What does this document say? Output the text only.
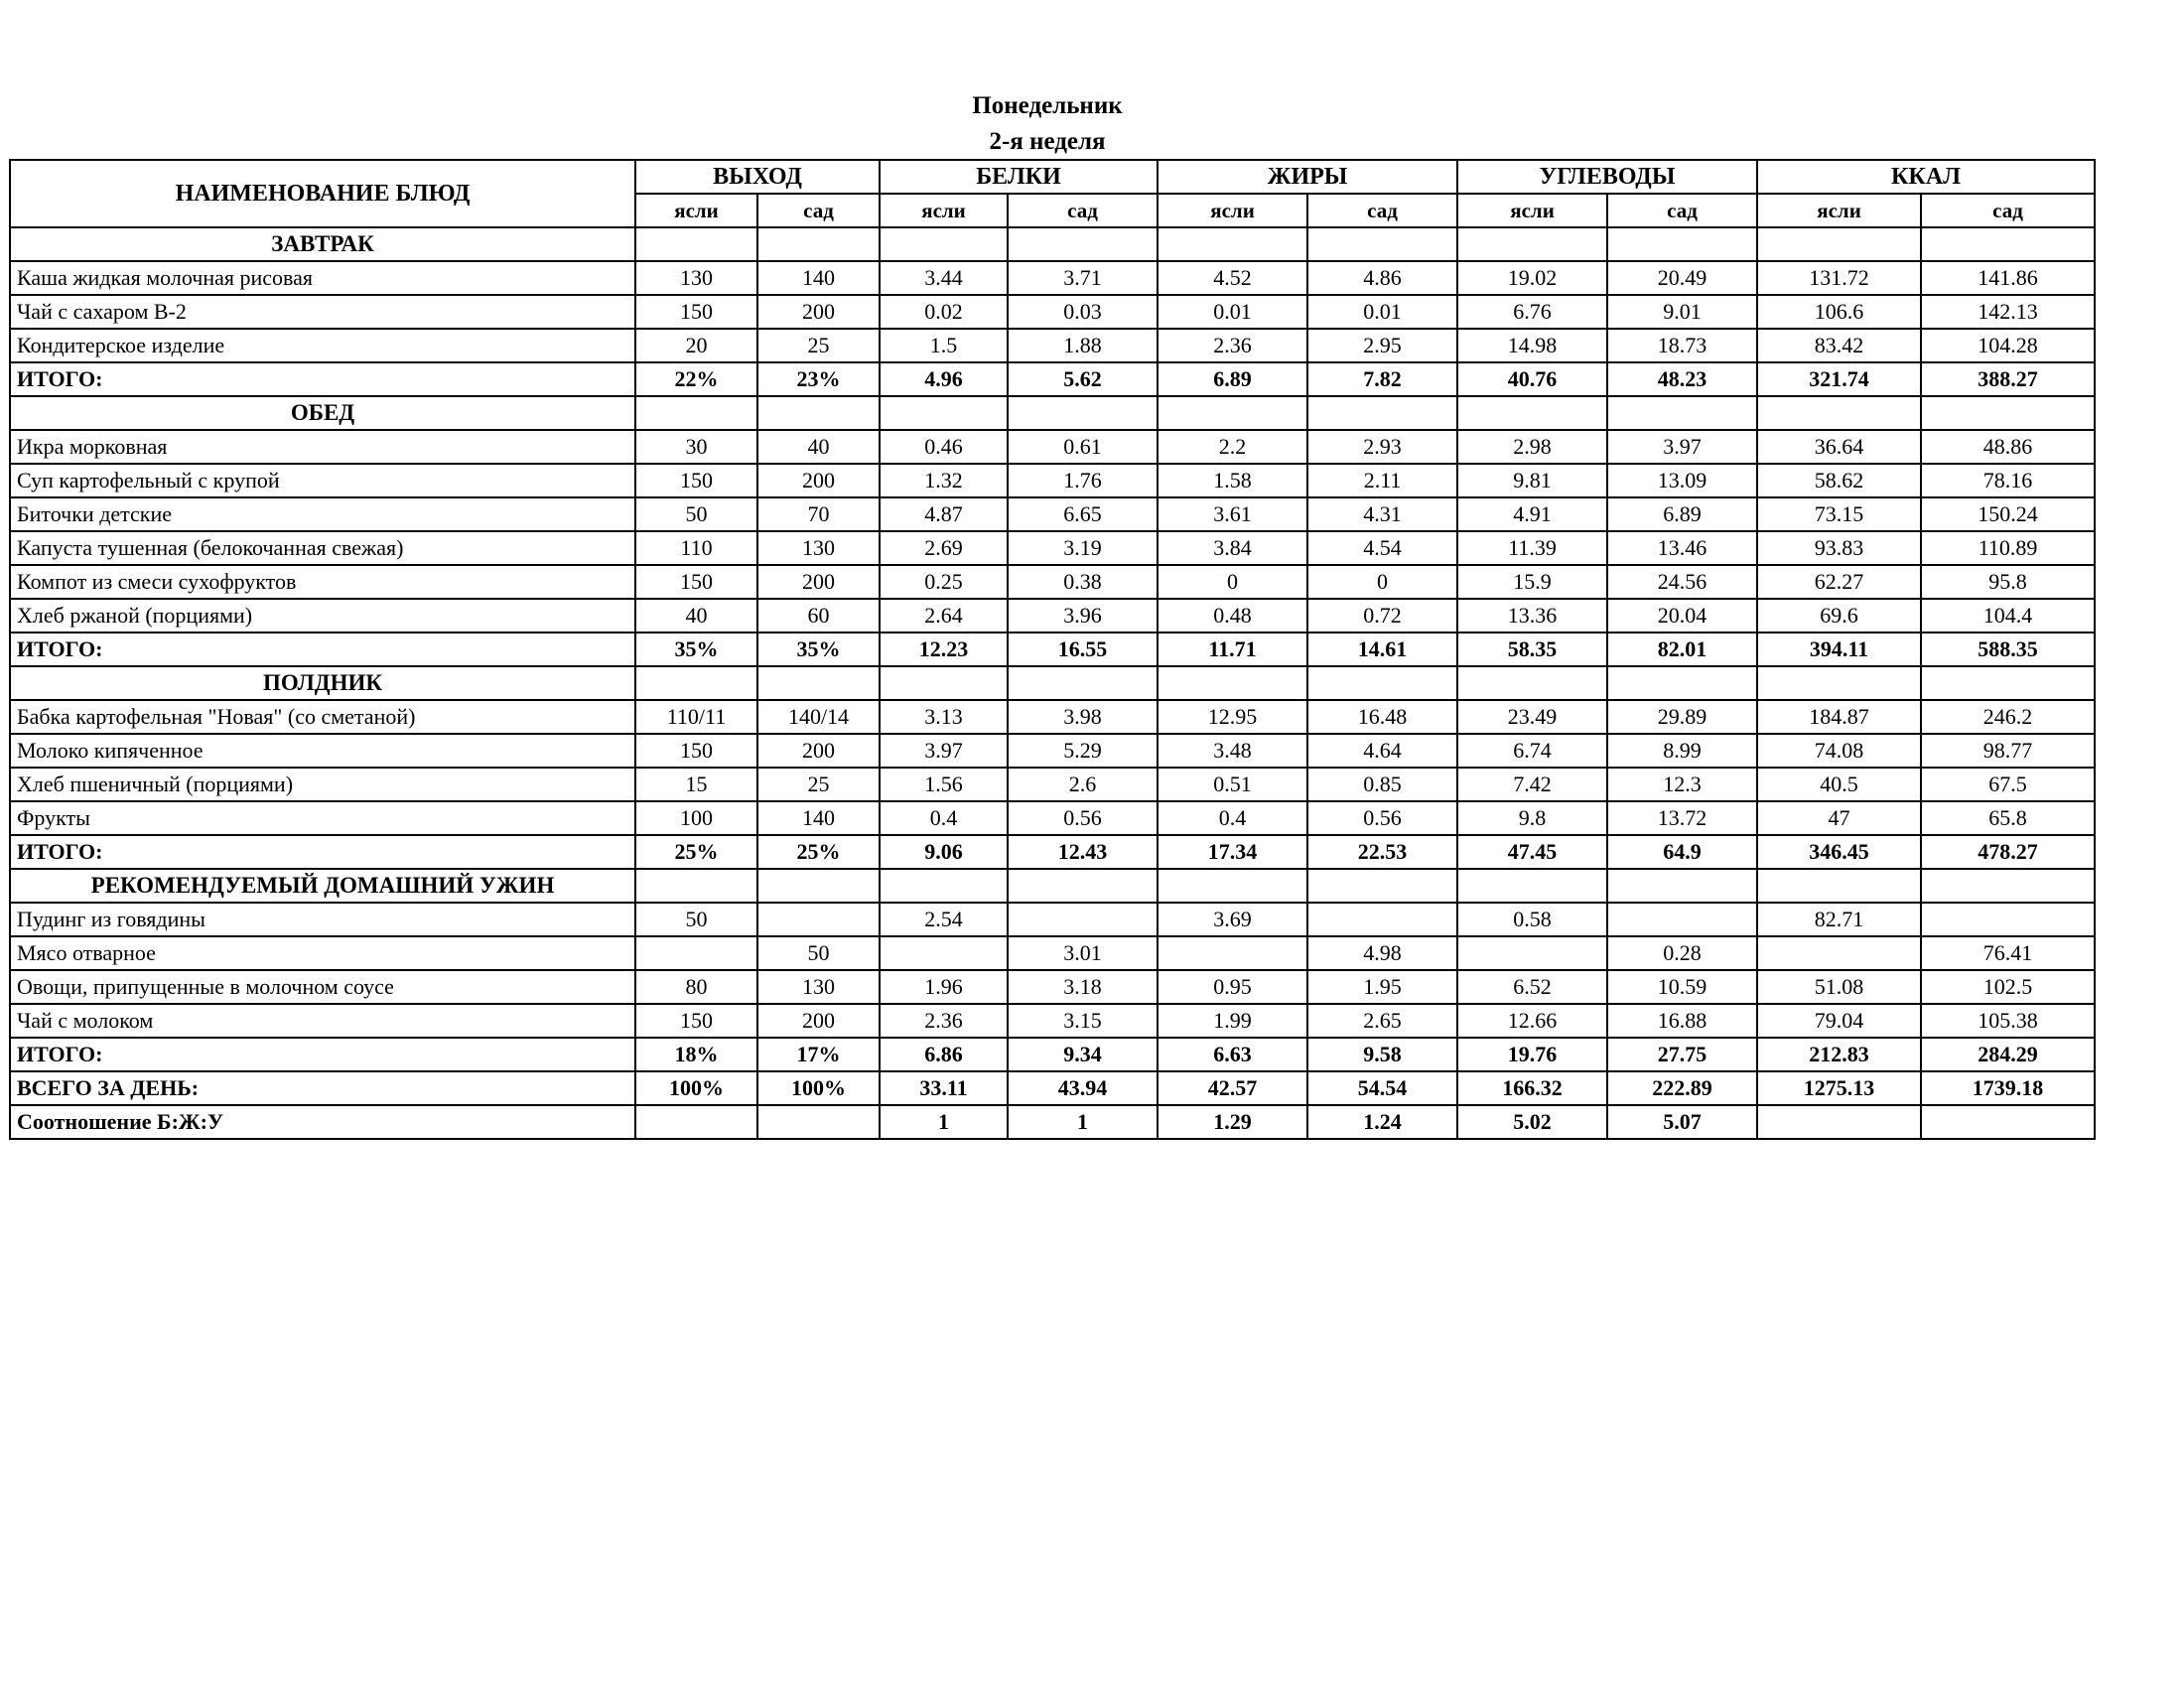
Понедельник
2-я неделя
НАИМЕНОВАНИЕ БЛЮД	ВЫХОД		БЕЛКИ		ЖИРЫ		УГЛЕВОДЫ		ККАЛ	
	ясли	сад	ясли	сад	ясли	сад	ясли	сад	ясли	сад
ЗАВТРАК										
Каша жидкая молочная рисовая	130	140	3.44	3.71	4.52	4.86	19.02	20.49	131.72	141.86
Чай с сахаром В-2	150	200	0.02	0.03	0.01	0.01	6.76	9.01	106.6	142.13
Кондитерское изделие	20	25	1.5	1.88	2.36	2.95	14.98	18.73	83.42	104.28
ИТОГО:	22%	23%	4.96	5.62	6.89	7.82	40.76	48.23	321.74	388.27
ОБЕД										
Икра морковная	30	40	0.46	0.61	2.2	2.93	2.98	3.97	36.64	48.86
Суп картофельный с крупой	150	200	1.32	1.76	1.58	2.11	9.81	13.09	58.62	78.16
Биточки детские	50	70	4.87	6.65	3.61	4.31	4.91	6.89	73.15	150.24
Капуста тушенная (белокочанная свежая)	110	130	2.69	3.19	3.84	4.54	11.39	13.46	93.83	110.89
Компот из смеси сухофруктов	150	200	0.25	0.38	0	0	15.9	24.56	62.27	95.8
Хлеб ржаной (порциями)	40	60	2.64	3.96	0.48	0.72	13.36	20.04	69.6	104.4
ИТОГО:	35%	35%	12.23	16.55	11.71	14.61	58.35	82.01	394.11	588.35
ПОЛДНИК										
Бабка картофельная "Новая" (со сметаной)	110/11	140/14	3.13	3.98	12.95	16.48	23.49	29.89	184.87	246.2
Молоко кипяченное	150	200	3.97	5.29	3.48	4.64	6.74	8.99	74.08	98.77
Хлеб пшеничный (порциями)	15	25	1.56	2.6	0.51	0.85	7.42	12.3	40.5	67.5
Фрукты	100	140	0.4	0.56	0.4	0.56	9.8	13.72	47	65.8
ИТОГО:	25%	25%	9.06	12.43	17.34	22.53	47.45	64.9	346.45	478.27
РЕКОМЕНДУЕМЫЙ ДОМАШНИЙ УЖИН										
Пудинг из говядины	50		2.54		3.69		0.58		82.71	
Мясо отварное		50		3.01		4.98		0.28		76.41
Овощи, припущенные в молочном соусе	80	130	1.96	3.18	0.95	1.95	6.52	10.59	51.08	102.5
Чай с молоком	150	200	2.36	3.15	1.99	2.65	12.66	16.88	79.04	105.38
ИТОГО:	18%	17%	6.86	9.34	6.63	9.58	19.76	27.75	212.83	284.29
ВСЕГО ЗА ДЕНЬ:	100%	100%	33.11	43.94	42.57	54.54	166.32	222.89	1275.13	1739.18
Соотношение Б:Ж:У			1	1	1.29	1.24	5.02	5.07		
